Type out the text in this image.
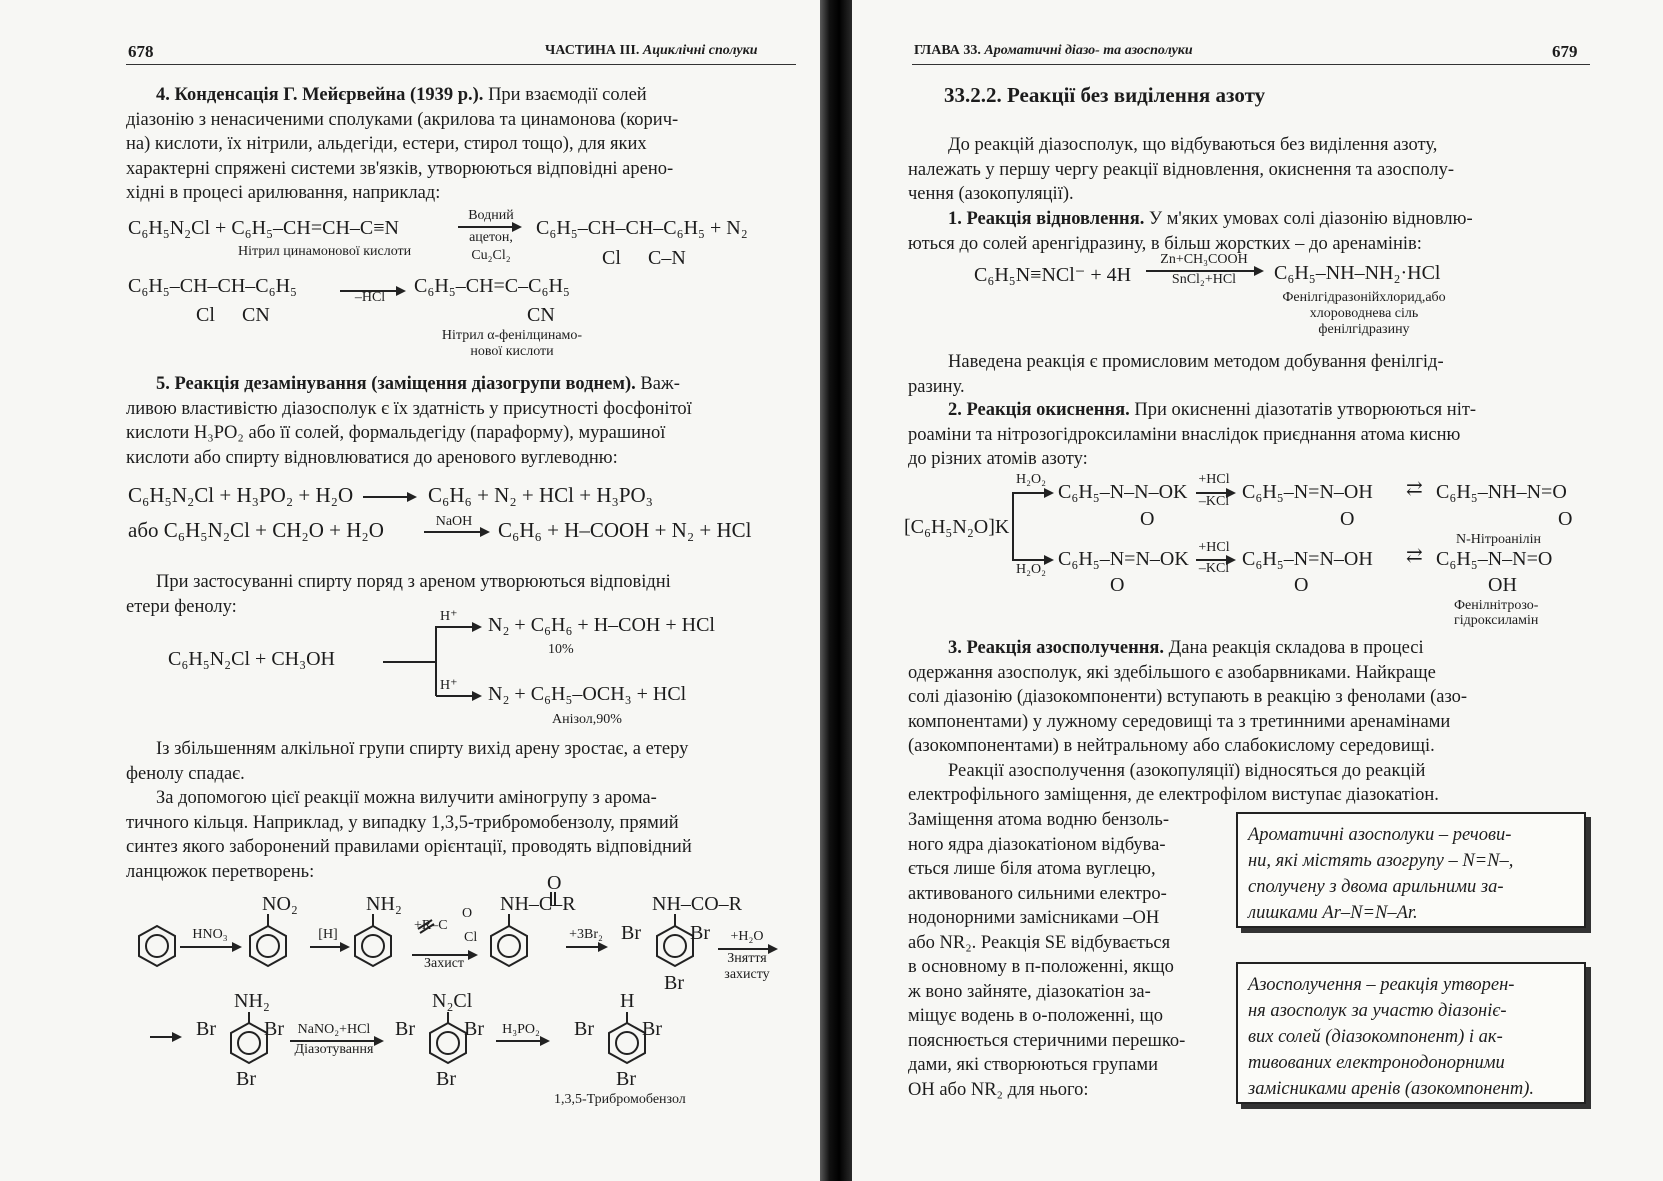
678	ЧАСТИНА III. Ациклічні сполуки
4. Конденсація Г. Мейєрвейна (1939 р.). При взаємодії солей
діазонію з ненасиченими сполуками (акрилова та цинамонова (корич-
на) кислоти, їх нітрили, альдегіди, естери, стирол тощо), для яких
характерні спряжені системи зв'язків, утворюються відповідні арено-
хідні в процесі арилювання, наприклад:
C₆H₅N₂Cl + C₆H₅–CH=CH–C≡N
Нітрил цинамонової кислоти
Водний
ацетон,
Cu₂Cl₂
C₆H₅–CH–CH–C₆H₅ + N₂
Cl C–N
C₆H₅–CH–CH–C₆H₅
Cl CN
–HCl
C₆H₅–CH=C–C₆H₅
CN
Нітрил α-фенілцинамо-
нової кислоти
5. Реакція дезамінування (заміщення діазогрупи воднем). Важ-
ливою властивістю діазосполук є їх здатність у присутності фосфонітої
кислоти H₃PO₂ або її солей, формальдегіду (параформу), мурашиної
кислоти або спирту відновлюватися до аренового вуглеводню:
C₆H₅N₂Cl + H₃PO₂ + H₂O → C₆H₆ + N₂ + HCl + H₃PO₃
або C₆H₅N₂Cl + CH₂O + H₂O	NaOH → C₆H₆ + H–COOH + N₂ + HCl
При застосуванні спирту поряд з ареном утворюються відповідні
етери фенолу:
C₆H₅N₂Cl + CH₃OH
H⁺
H⁺
N₂ + C₆H₆ + H–COH + HCl
10%
N₂ + C₆H₅–OCH₃ + HCl
Анізол,90%
Із збільшенням алкільної групи спирту вихід арену зростає, а етеру
фенолу спадає.
За допомогою цієї реакції можна вилучити аміногрупу з арома-
тичного кільця. Наприклад, у випадку 1,3,5-трибромобензолу, прямий
синтез якого заборонений правилами орієнтації, проводять відповідний
ланцюжок перетворень:
HNO₃
NO₂
[H]
NH₂
+R–C
O
Cl
Захист
O
NH–C–R
+3Br₂
NH–CO–R
Br Br
Br
+H₂O
Зняття
захисту
NH₂
Br Br
Br
NaNO₂+HCl
Діазотування
N₂Cl
Br Br
Br
H₃PO₂
H
Br Br
Br
1,3,5-Трибромобензол
ГЛАВА 33. Ароматичні діазо- та азосполуки	679
33.2.2. Реакції без виділення азоту
До реакцій діазосполук, що відбуваються без виділення азоту,
належать у першу чергу реакції відновлення, окиснення та азосполу-
чення (азокопуляції).
1. Реакція відновлення. У м'яких умовах солі діазонію відновлю-
ються до солей аренгідразину, в більш жорстких – до аренамінів:
C₆H₅N≡NCl⁻ + 4H
Zn+CH₃COOH
SnCl₂+HCl	C₆H₅–NH–NH₂·HCl
Фенілгідразонійхлорид,або
хлороводнева сіль
фенілгідразину
Наведена реакція є промисловим методом добування фенілгід-
разину.
2. Реакція окиснення. При окисненні діазотатів утворюються ніт-
роаміни та нітрозогідроксиламіни внаслідок приєднання атома кисню
до різних атомів азоту:
[C₆H₅N₂O]K
H₂O₂
H₂O₂
C₆H₅–N–N–OK
O
+HCl
–KCl C₆H₅–N=N–OH
O
⇄ C₆H₅–NH–N=O
O
N-Нітроанілін
C₆H₅–N=N–OK
O
+HCl
–KCl C₆H₅–N=N–OH
O
⇄ C₆H₅–N–N=O
OH
Фенілнітрозо-
гідроксиламін
3. Реакція азосполучення. Дана реакція складова в процесі
одержання азосполук, які здебільшого є азобарвниками. Найкраще
солі діазонію (діазокомпоненти) вступають в реакцію з фенолами (азо-
компонентами) у лужному середовищі та з третинними аренамінами
(азокомпонентами) в нейтральному або слабокислому середовищі.
Реакції азосполучення (азокопуляції) відносяться до реакцій
електрофільного заміщення, де електрофілом виступає діазокатіон.
Заміщення атома водню бензоль-
ного ядра діазокатіоном відбува-
ється лише біля атома вуглецю,
активованого сильними електро-
нодонорними замісниками –OH
або NR₂. Реакція SE відбувається
в основному в п-положенні, якщо
ж воно зайняте, діазокатіон за-
міщує водень в о-положенні, що
пояснюється стеричними перешко-
дами, які створюються групами
OH або NR₂ для нього:
Ароматичні азосполуки – речови-
ни, які містять азогрупу – N=N–,
сполучену з двома арильними за-
лишками Ar–N=N–Ar.
Азосполучення – реакція утворен-
ня азосполук за участю діазоніє-
вих солей (діазокомпонент) і ак-
тивованих електронодонорними
замісниками аренів (азокомпонент).
